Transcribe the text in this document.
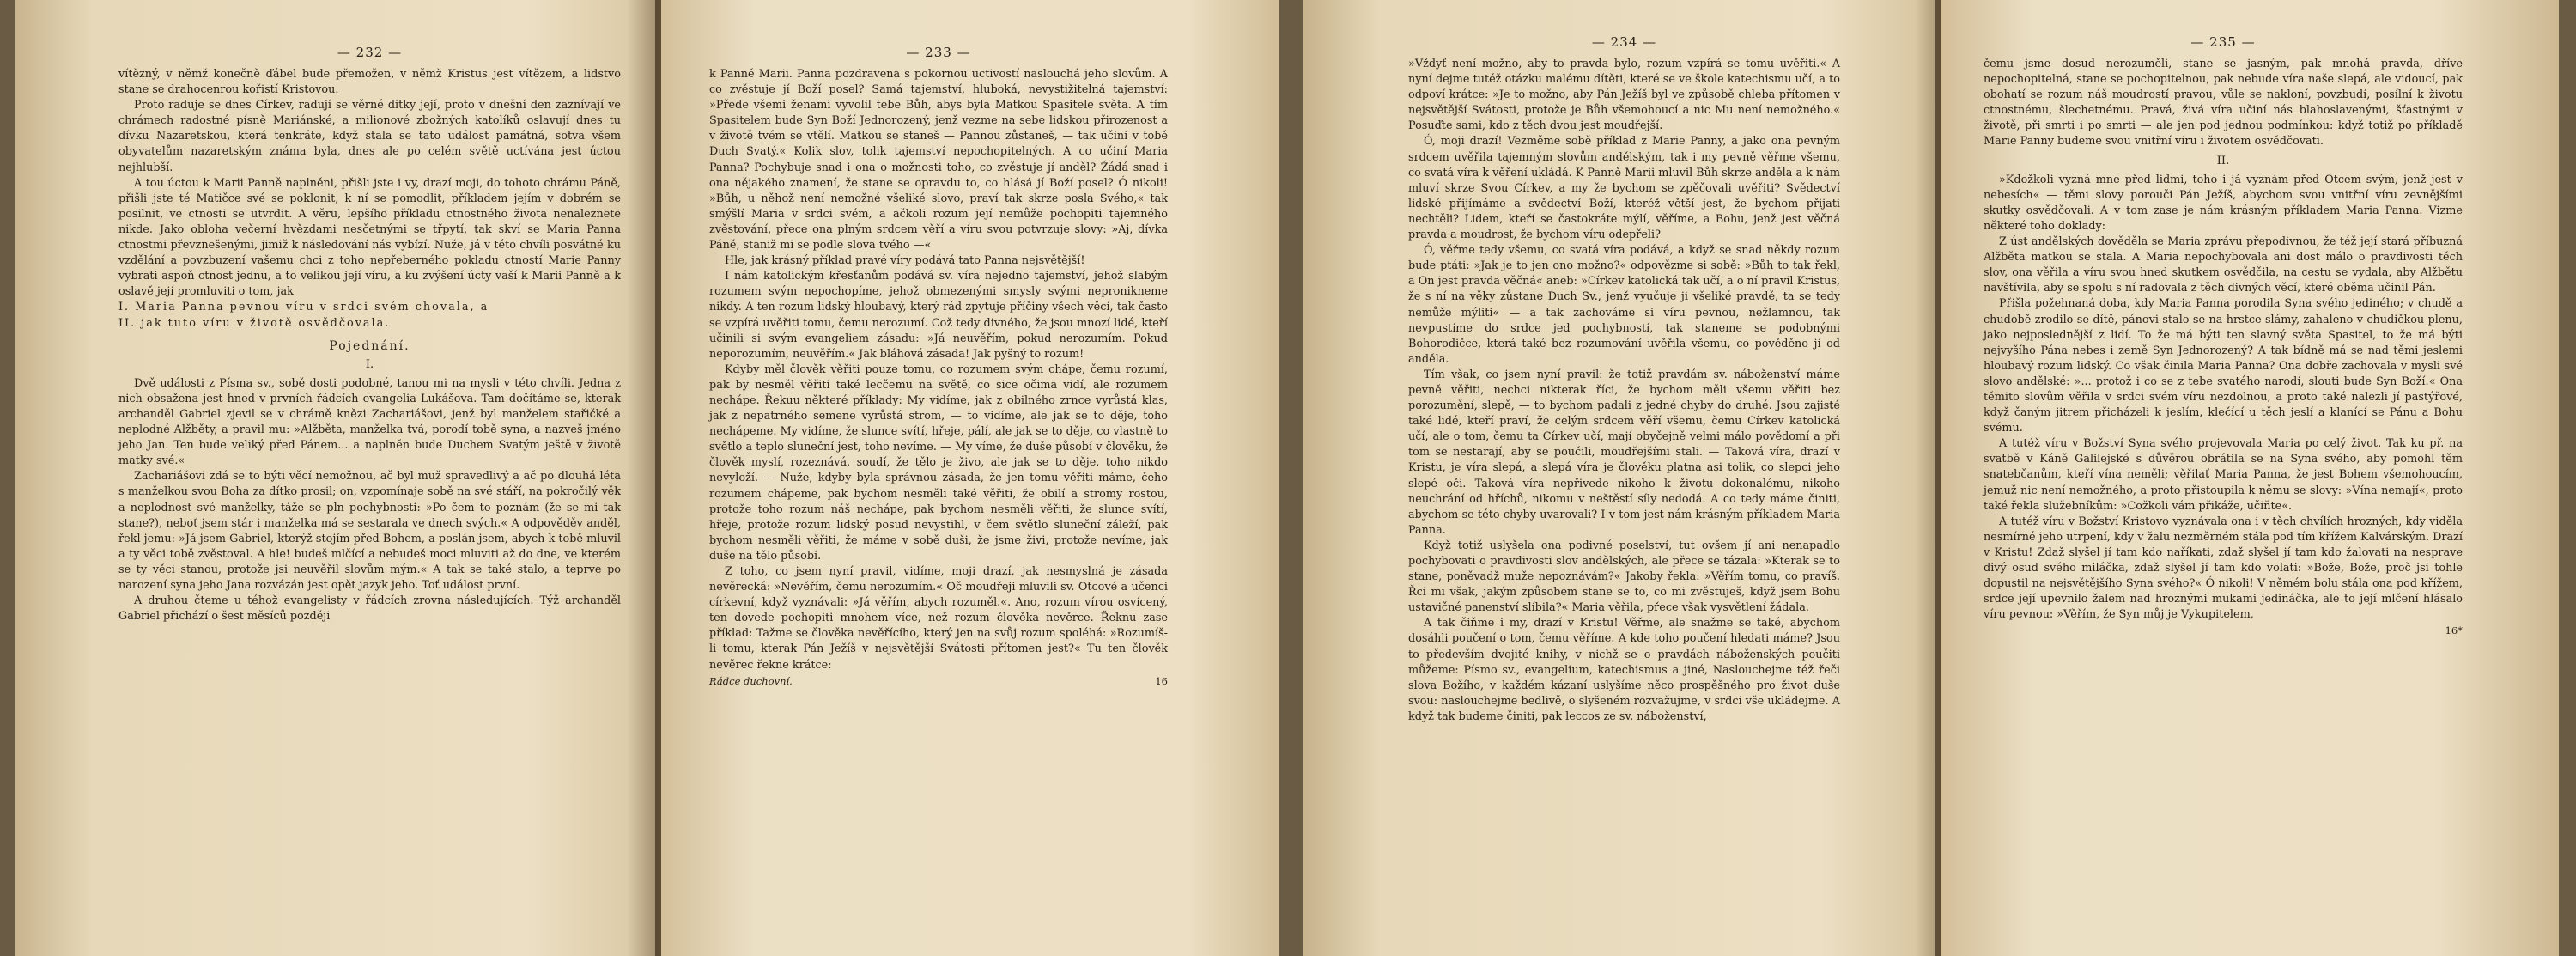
— 232 —

vítězný, v němž konečně ďábel bude přemožen, v němž Kristus jest vítězem, a lidstvo stane se drahocenrou kořistí Kristovou.

Proto raduje se dnes Církev, radují se věrné dítky její, proto v dnešní den zaznívají ve chrámech radostné písně Mariánské, a milionové zbožných katolíků oslavují dnes tu dívku Nazaretskou, která tenkráte, když stala se tato událost památná, sotva všem obyvatelům nazaretským známa byla, dnes ale po celém světě uctívána jest úctou nejhlubší.

A tou úctou k Marii Panně naplněni, přišli jste i vy, drazí moji, do tohoto chrámu Páně, přišli jste té Matičce své se poklonit, k ní se pomodlit, příkladem jejím v dobrém se posilnit, ve ctnosti se utvrdit. A věru, lepšího příkladu ctnostného života nenaleznete nikde. Jako obloha večerní hvězdami nesčetnými se třpytí, tak skví se Maria Panna ctnostmi převznešenými, jimiž k následování nás vybízí. Nuže, já v této chvíli posvátné ku vzdělání a povzbuzení vašemu chci z toho nepřeberného pokladu ctností Marie Panny vybrati aspoň ctnost jednu, a to velikou její víru, a ku zvýšení úcty vaší k Marii Panně a k oslavě její promluviti o tom, jak

I. Maria Panna pevnou víru v srdci svém chovala, a

II. jak tuto víru v životě osvědčovala.

Pojednání.

I.

Dvě události z Písma sv., sobě dosti podobné, tanou mi na mysli v této chvíli. Jedna z nich obsažena jest hned v prvních řádcích evangelia Lukášova. Tam dočítáme se, kterak archanděl Gabriel zjevil se v chrámě knězi Zachariášovi, jenž byl manželem stařičké a neplodné Alžběty, a pravil mu: »Alžběta, manželka tvá, porodí tobě syna, a nazveš jméno jeho Jan. Ten bude veliký před Pánem... a naplněn bude Duchem Svatým ještě v životě matky své.«

Zachariášovi zdá se to býti věcí nemožnou, ač byl muž spravedlivý a ač po dlouhá léta s manželkou svou Boha za dítko prosil; on, vzpomínaje sobě na své stáří, na pokročilý věk a neplodnost své manželky, táže se pln pochybnosti: »Po čem to poznám (že se mi tak stane?), neboť jsem stár i manželka má se sestarala ve dnech svých.« A odpověděv anděl, řekl jemu: »Já jsem Gabriel, kterýž stojím před Bohem, a poslán jsem, abych k tobě mluvil a ty věci tobě zvěstoval. A hle! budeš mlčící a nebudeš moci mluviti až do dne, ve kterém se ty věci stanou, protože jsi neuvěřil slovům mým.« A tak se také stalo, a teprve po narození syna jeho Jana rozvázán jest opět jazyk jeho. Toť událost první.

A druhou čteme u téhož evangelisty v řádcích zrovna následujících. Týž archanděl Gabriel přichází o šest měsíců později

— 233 —

k Panně Marii. Panna pozdravena s pokornou uctivostí naslouchá jeho slovům. A co zvěstuje jí Boží posel? Samá tajemství, hluboká, nevystižitelná tajemství: »Přede všemi ženami vyvolil tebe Bůh, abys byla Matkou Spasitele světa. A tím Spasitelem bude Syn Boží Jednorozený, jenž vezme na sebe lidskou přirozenost a v životě tvém se vtělí. Matkou se staneš — Pannou zůstaneš, — tak učiní v tobě Duch Svatý.« Kolik slov, tolik tajemství nepochopitelných. A co učiní Maria Panna? Pochybuje snad i ona o možnosti toho, co zvěstuje jí anděl? Žádá snad i ona nějakého znamení, že stane se opravdu to, co hlásá jí Boží posel? Ó nikoli! »Bůh, u něhož není nemožné všeliké slovo, praví tak skrze posla Svého,« tak smýšlí Maria v srdci svém, a ačkoli rozum její nemůže pochopiti tajemného zvěstování, přece ona plným srdcem věří a víru svou potvrzuje slovy: »Aj, dívka Páně, staniž mi se podle slova tvého —«

Hle, jak krásný příklad pravé víry podává tato Panna nejsvětější!

I nám katolickým křesťanům podává sv. víra nejedno tajemství, jehož slabým rozumem svým nepochopíme, jehož obmezenými smysly svými neproniknemе nikdy. A ten rozum lidský hloubavý, který rád zpytuje příčiny všech věcí, tak často se vzpírá uvěřiti tomu, čemu nerozumí. Což tedy divného, že jsou mnozí lidé, kteří učinili si svým evangeliem zásadu: »Já neuvěřím, pokud nerozumím. Pokud neporozumím, neuvěřím.« Jak bláhová zásada! Jak pyšný to rozum!

Kdyby měl člověk věřiti pouze tomu, co rozumem svým chápe, čemu rozumí, pak by nesměl věřiti také lecčemu na světě, co sice očima vidí, ale rozumem nechápe. Řekuu některé příklady: My vidíme, jak z obilného zrnce vyrůstá klas, jak z nepatrného semene vyrůstá strom, — to vidíme, ale jak se to děje, toho nechápeme. My vidíme, že slunce svítí, hřeje, pálí, ale jak se to děje, co vlastně to světlo a teplo sluneční jest, toho nevíme. — My víme, že duše působí v člověku, že člověk myslí, rozeznává, soudí, že tělo je živo, ale jak se to děje, toho nikdo nevyloží. — Nuže, kdyby byla správnou zásada, že jen tomu věřiti máme, čeho rozumem chápeme, pak bychom nesměli také věřiti, že obilí a stromy rostou, protože toho rozum náš nechápe, pak bychom nesměli věřiti, že slunce svítí, hřeje, protože rozum lidský posud nevystihl, v čem světlo sluneční záleží, pak bychom nesměli věřiti, že máme v sobě duši, že jsme živi, protože nevíme, jak duše na tělo působí.

Z toho, co jsem nyní pravil, vidíme, moji drazí, jak nesmyslná je zásada nevěrecká: »Nevěřím, čemu nerozumím.« Oč moudřeji mluvili sv. Otcové a učenci církevní, když vyznávali: »Já věřím, abych rozuměl.«. Ano, rozum vírou osvícený, ten dovede pochopiti mnohem více, než rozum člověka nevěrce. Řeknu zase příklad: Tažme se člověka nevěřícího, který jen na svůj rozum spoléhá: »Rozumíš-li tomu, kterak Pán Ježíš v nejsvětější Svátosti přítomen jest?« Tu ten člověk nevěrec řekne krátce:

Rádce duchovní.	16
— 234 —

»Vždyť není možno, aby to pravda bylo, rozum vzpírá se tomu uvěřiti.« A nyní dejme tutéž otázku malému dítěti, které se ve škole katechismu učí, a to odpoví krátce: »Je to možno, aby Pán Ježíš byl ve způsobě chleba přítomen v nejsvětější Svátosti, protože je Bůh všemohoucí a nic Mu není nemožného.« Posuďte sami, kdo z těch dvou jest moudřejší.

Ó, moji drazí! Vezměme sobě příklad z Marie Panny, a jako ona pevným srdcem uvěřila tajemným slovům andělským, tak i my pevně věřme všemu, co svatá víra k věření ukládá. K Panně Marii mluvil Bůh skrze anděla a k nám mluví skrze Svou Církev, a my že bychom se zpěčovali uvěřiti? Svědectví lidské přijímáme a svědectví Boží, kteréž větší jest, že bychom přijati nechtěli? Lidem, kteří se častokráte mýlí, věříme, a Bohu, jenž jest věčná pravda a moudrost, že bychom víru odepřeli?

Ó, věřme tedy všemu, co svatá víra podává, a když se snad někdy rozum bude ptáti: »Jak je to jen ono možno?« odpovězme si sobě: »Bůh to tak řekl, a On jest pravda věčná« aneb: »Církev katolická tak učí, a o ní pravil Kristus, že s ní na věky zůstane Duch Sv., jenž vyučuje ji všeliké pravdě, ta se tedy nemůže mýliti« — a tak zachováme si víru pevnou, nežlamnou, tak nevpustíme do srdce jed pochybností, tak staneme se podobnými Bohorodičce, která také bez rozumování uvěřila všemu, co pověděno jí od anděla.

Tím však, co jsem nyní pravil: že totiž pravdám sv. náboženství máme pevně věřiti, nechci nikterak říci, že bychom měli všemu věřiti bez porozumění, slepě, — to bychom padali z jedné chyby do druhé. Jsou zajisté také lidé, kteří praví, že celým srdcem věří všemu, čemu Církev katolická učí, ale o tom, čemu ta Církev učí, mají obyčejně velmi málo povědomí a při tom se nestarají, aby se poučili, moudřejšími stali. — Taková víra, drazí v Kristu, je víra slepá, a slepá víra je člověku platna asi tolik, co slepci jeho slepé oči. Taková víra nepřivede nikoho k životu dokonalému, nikoho neuchrání od hříchů, nikomu v neštěstí síly nedodá. A co tedy máme činiti, abychom se této chyby uvarovali? I v tom jest nám krásným příkladem Maria Panna.

Když totiž uslyšela ona podivné poselství, tut ovšem jí ani nenapadlo pochybovati o pravdivosti slov andělských, ale přece se tázala: »Kterak se to stane, poněvadž muže nepoznávám?« Jakoby řekla: »Věřím tomu, co pravíš. Řci mi však, jakým způsobem stane se to, co mi zvěstuješ, když jsem Bohu ustavičné panenství slíbila?« Maria věřila, přece však vysvětlení žádala.

A tak čiňme i my, drazí v Kristu! Věřme, ale snažme se také, abychom dosáhli poučení o tom, čemu věříme. A kde toho poučení hledati máme? Jsou to především dvojité knihy, v nichž se o pravdách náboženských poučiti můžeme: Písmo sv., evangelium, katechismus a jiné, Naslouchejme též řeči slova Božího, v každém kázaní uslyšíme něco prospěšného pro život duše svou: naslouchejme bedlivě, o slyšeném rozvažujme, v srdci vše ukládejme. A když tak budeme činiti, pak leccos ze sv. náboženství,

— 235 —

čemu jsme dosud nerozuměli, stane se jasným, pak mnohá pravda, dříve nepochopitelná, stane se pochopitelnou, pak nebude víra naše slepá, ale vidoucí, pak obohatí se rozum náš moudrostí pravou, vůle se nakloní, povzbudí, posílní k životu ctnostnému, šlechetnému. Pravá, živá víra učiní nás blahoslavenými, šťastnými v životě, při smrti i po smrti — ale jen pod jednou podmínkou: když totiž po příkladě Marie Panny budeme svou vnitřní víru i životem osvědčovati.

II.

»Kdožkoli vyzná mne před lidmi, toho i já vyznám před Otcem svým, jenž jest v nebesích« — těmi slovy porouči Pán Ježíš, abychom svou vnitřní víru zevnějšími skutky osvědčovali. A v tom zase je nám krásným příkladem Maria Panna. Vizme některé toho doklady:

Z úst andělských dověděla se Maria zprávu přepodivnou, že též její stará příbuzná Alžběta matkou se stala. A Maria nepochybovala ani dost málo o pravdivosti těch slov, ona věřila a víru svou hned skutkem osvědčila, na cestu se vydala, aby Alžbětu navštívila, aby se spolu s ní radovala z těch divných věcí, které oběma učinil Pán.

Přišla požehnaná doba, kdy Maria Panna porodila Syna svého jediného; v chudě a chudobě zrodilo se dítě, pánovi stalo se na hrstce slámy, zahaleno v chudičkou plenu, jako nejposlednější z lidí. To že má býti ten slavný světa Spasitel, to že má býti nejvyšího Pána nebes i země Syn Jednorozený? A tak bídně má se nad těmi jeslemi hloubavý rozum lidský. Co však činila Maria Panna? Ona dobře zachovala v mysli své slovo andělské: »... protož i co se z tebe svatého narodí, slouti bude Syn Boží.« Ona těmito slovům věřila v srdci svém víru nezdolnou, a proto také nalezli jí pastýřové, když čaným jitrem přicházeli k jeslím, klečící u těch jeslí a klanící se Pánu a Bohu svému.

A tutéž víru v Božství Syna svého projevovala Maria po celý život. Tak ku př. na svatbě v Káně Galilejské s důvěrou obrátila se na Syna svého, aby pomohl těm snatebčanům, kteří vína neměli; věřilať Maria Panna, že jest Bohem všemohoucím, jemuž nic není nemožného, a proto přistoupila k němu se slovy: »Vína nemají«, proto také řekla služebníkům: »Cožkoli vám přikáže, učiňte«.

A tutéž víru v Božství Kristovo vyznávala ona i v těch chvílích hrozných, kdy viděla nesmírné jeho utrpení, kdy v žalu nezměrném stála pod tím křížem Kalvárským. Drazí v Kristu! Zdaž slyšel jí tam kdo naříkati, zdaž slyšel jí tam kdo žalovati na nesprave divý osud svého miláčka, zdaž slyšel jí tam kdo volati: »Bože, Bože, proč jsi tohle dopustil na nejsvětějšího Syna svého?« Ó nikoli! V němém bolu stála ona pod křížem, srdce její upevnilo žalem nad hroznými mukami jedináčka, ale to její mlčení hlásalo víru pevnou: »Věřím, že Syn můj je Vykupitelem,

16*
